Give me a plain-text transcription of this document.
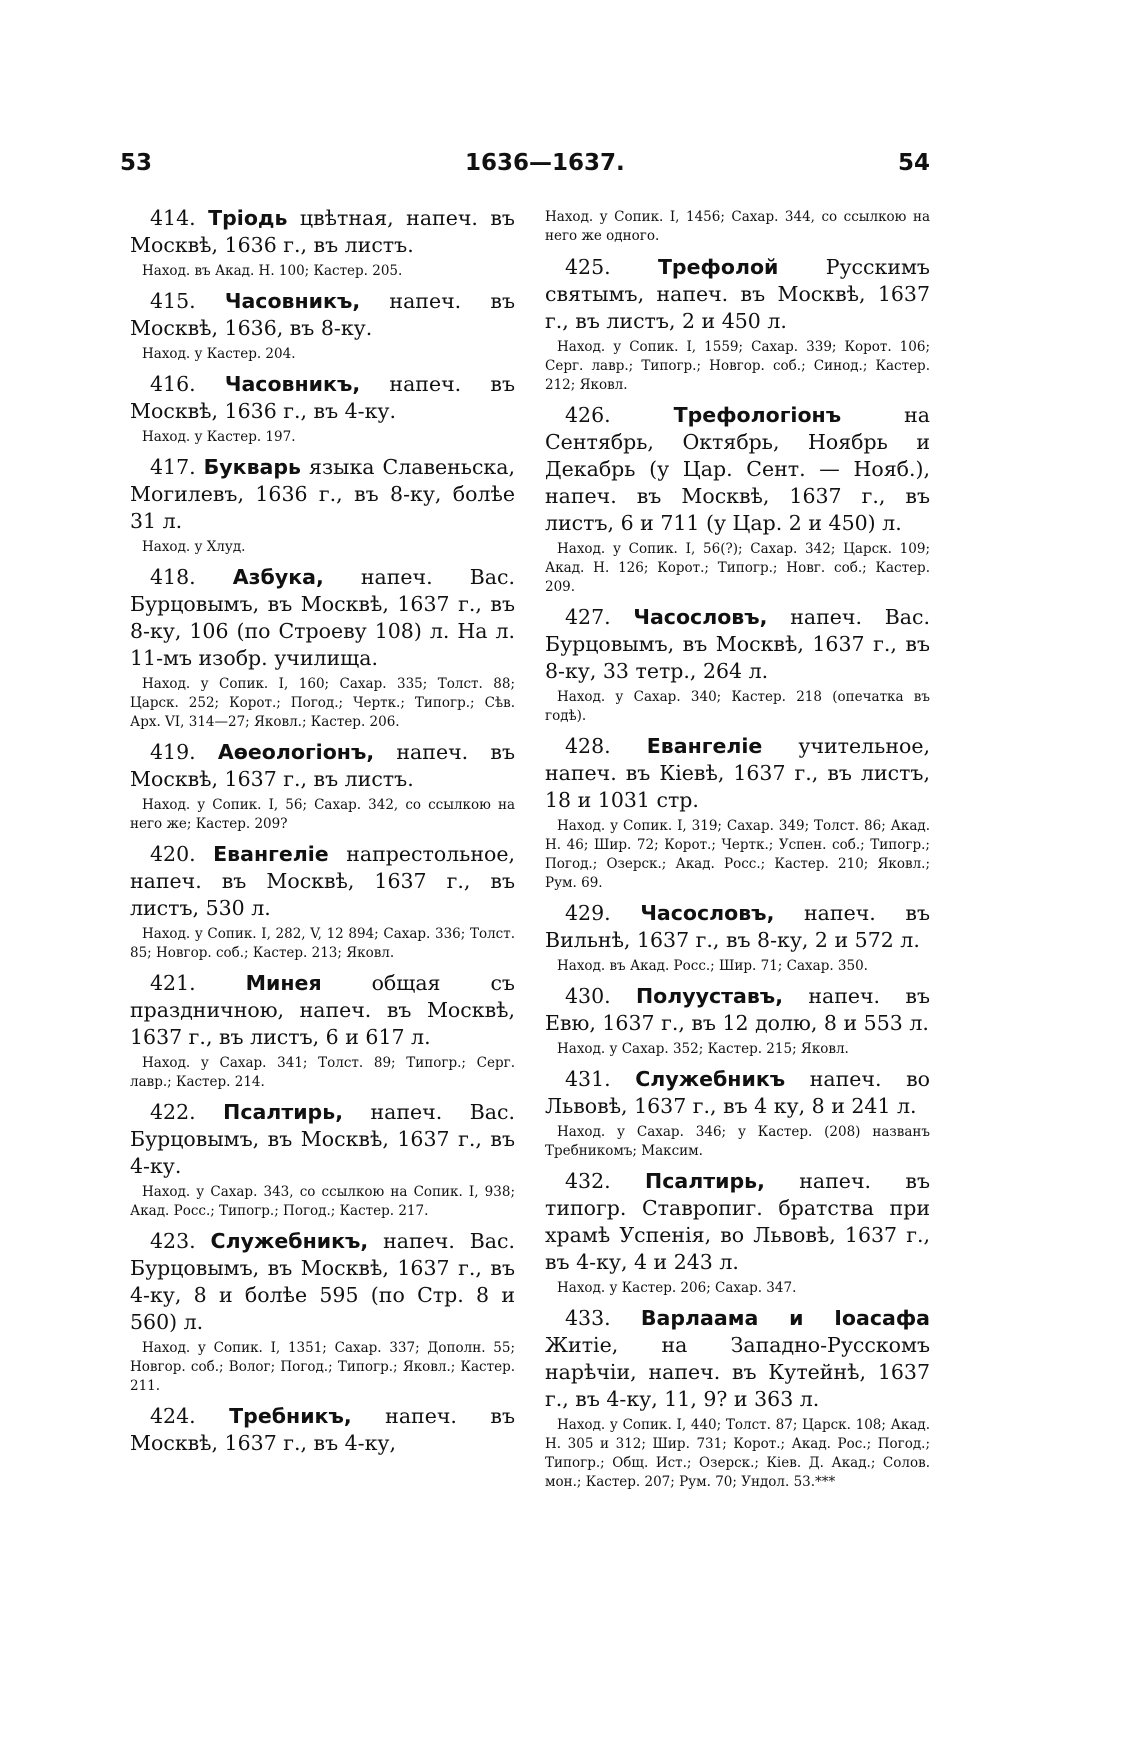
53	1636—1637.	54

414. Тріодь цвѣтная, напеч. въ Москвѣ, 1636 г., въ листъ.

Наход. въ Акад. Н. 100; Кастер. 205.

415. Часовникъ, напеч. въ Москвѣ, 1636, въ 8-ку.

Наход. у Кастер. 204.

416. Часовникъ, напеч. въ Москвѣ, 1636 г., въ 4-ку.

Наход. у Кастер. 197.

417. Букварь языка Славеньска, Могилевъ, 1636 г., въ 8-ку, болѣе 31 л.

Наход. у Хлуд.

418. Азбука, напеч. Вас. Бурцовымъ, въ Москвѣ, 1637 г., въ 8-ку, 106 (по Строеву 108) л. На л. 11-мъ изобр. училища.

Наход. у Сопик. I, 160; Сахар. 335; Толст. 88; Царск. 252; Корот.; Погод.; Чертк.; Типогр.; Сѣв. Арх. VI, 314—27; Яковл.; Кастер. 206.

419. Аѳеологіонъ, напеч. въ Москвѣ, 1637 г., въ листъ.

Наход. у Сопик. I, 56; Сахар. 342, со ссылкою на него же; Кастер. 209?

420. Евангеліе напрестольное, напеч. въ Москвѣ, 1637 г., въ листъ, 530 л.

Наход. у Сопик. I, 282, V, 12 894; Сахар. 336; Толст. 85; Новгор. соб.; Кастер. 213; Яковл.

421. Минея общая съ праздничною, напеч. въ Москвѣ, 1637 г., въ листъ, 6 и 617 л.

Наход. у Сахар. 341; Толст. 89; Типогр.; Серг. лавр.; Кастер. 214.

422. Псалтирь, напеч. Вас. Бурцовымъ, въ Москвѣ, 1637 г., въ 4-ку.

Наход. у Сахар. 343, со ссылкою на Сопик. I, 938; Акад. Росс.; Типогр.; Погод.; Кастер. 217.

423. Служебникъ, напеч. Вас. Бурцовымъ, въ Москвѣ, 1637 г., въ 4-ку, 8 и болѣе 595 (по Стр. 8 и 560) л.

Наход. у Сопик. I, 1351; Сахар. 337; Дополн. 55; Новгор. соб.; Волог; Погод.; Типогр.; Яковл.; Кастер. 211.

424. Требникъ, напеч. въ Москвѣ, 1637 г., въ 4-ку,

Наход. у Сопик. I, 1456; Сахар. 344, со ссылкою на него же одного.

425. Трефолой Русскимъ святымъ, напеч. въ Москвѣ, 1637 г., въ листъ, 2 и 450 л.

Наход. у Сопик. I, 1559; Сахар. 339; Корот. 106; Серг. лавр.; Типогр.; Новгор. соб.; Синод.; Кастер. 212; Яковл.

426.	Трефологіонъ на Сентябрь, Октябрь, Ноябрь и Декабрь (у Цар. Сент. — Нояб.), напеч. въ Москвѣ, 1637 г., въ листъ, 6 и 711 (у Цар. 2 и 450) л.

Наход. у Сопик. I, 56(?); Сахар. 342; Царск. 109; Акад. Н. 126; Корот.; Типогр.; Новг. соб.; Кастер. 209.

427. Часословъ, напеч. Вас. Бурцовымъ, въ Москвѣ, 1637 г., въ 8-ку, 33 тетр., 264 л.

Наход. у Сахар. 340; Кастер. 218 (опечатка въ годѣ).

428. Евангеліе учительное, напеч. въ Кіевѣ, 1637 г., въ листъ, 18 и 1031 стр.

Наход. у Сопик. I, 319; Сахар. 349; Толст. 86; Акад. Н. 46; Шир. 72; Корот.; Чертк.; Успен. соб.; Типогр.; Погод.; Озерск.; Акад. Росс.; Кастер. 210; Яковл.; Рум. 69.

429. Часословъ, напеч. въ Вильнѣ, 1637 г., въ 8-ку, 2 и 572 л.

Наход. въ Акад. Росс.; Шир. 71; Сахар. 350.

430. Полууставъ, напеч. въ Евю, 1637 г., въ 12 долю, 8 и 553 л.

Наход. у Сахар. 352; Кастер. 215; Яковл.

431. Служебникъ напеч. во Львовѣ, 1637 г., въ 4 ку, 8 и 241 л.

Наход. у Сахар. 346; у Кастер. (208) названъ Требникомъ; Максим.

432. Псалтирь, напеч. въ типогр. Ставропиг. братства при храмѣ Успенія, во Львовѣ, 1637 г., въ 4-ку, 4 и 243 л.

Наход. у Кастер. 206; Сахар. 347.

433. Варлаама и Іоасафа Житіе, на Западно-Русскомъ нарѣчіи, напеч. въ Кутейнѣ, 1637 г., въ 4-ку, 11, 9? и 363 л.

Наход. у Сопик. I, 440; Толст. 87; Царск. 108; Акад. Н. 305 и 312; Шир. 731; Корот.; Акад. Рос.; Погод.; Типогр.; Общ. Ист.; Озерск.; Кіев. Д. Акад.; Солов. мон.; Кастер. 207; Рум. 70; Ундол. 53.***
